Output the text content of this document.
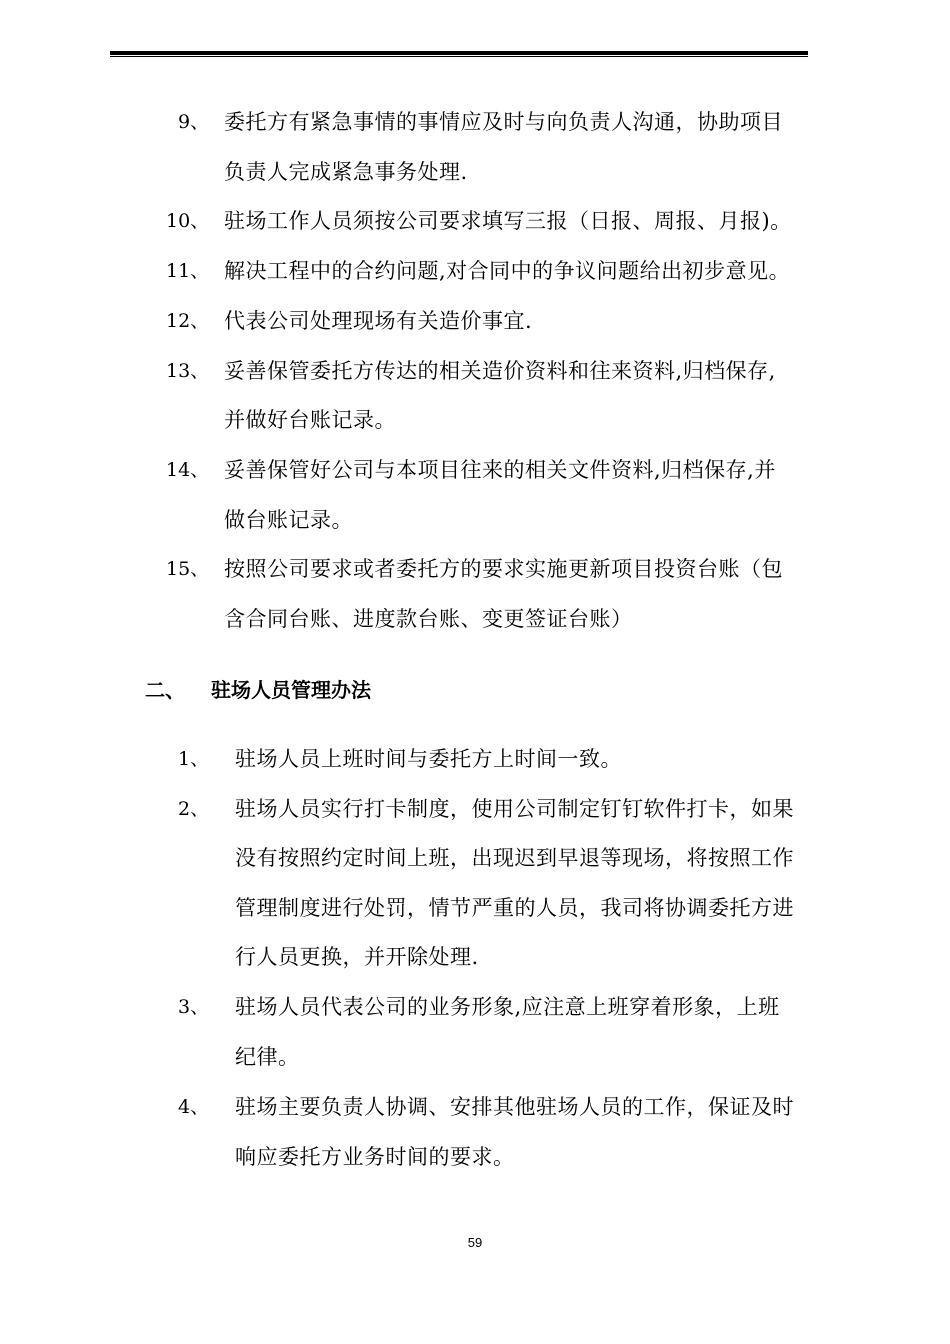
9、 委托方有紧急事情的事情应及时与向负责人沟通，协助项目
负责人完成紧急事务处理.
10、 驻场工作人员须按公司要求填写三报（日报、周报、月报)。
11、 解决工程中的合约问题,对合同中的争议问题给出初步意见。
12、 代表公司处理现场有关造价事宜.
13、 妥善保管委托方传达的相关造价资料和往来资料,归档保存,
并做好台账记录。
14、 妥善保管好公司与本项目往来的相关文件资料,归档保存,并
做台账记录。
15、 按照公司要求或者委托方的要求实施更新项目投资台账（包
含合同台账、进度款台账、变更签证台账）
二、 驻场人员管理办法
1、 驻场人员上班时间与委托方上时间一致。
2、 驻场人员实行打卡制度，使用公司制定钉钉软件打卡，如果
没有按照约定时间上班，出现迟到早退等现场，将按照工作
管理制度进行处罚，情节严重的人员，我司将协调委托方进
行人员更换，并开除处理.
3、 驻场人员代表公司的业务形象,应注意上班穿着形象，上班
纪律。
4、 驻场主要负责人协调、安排其他驻场人员的工作，保证及时
响应委托方业务时间的要求。
59
